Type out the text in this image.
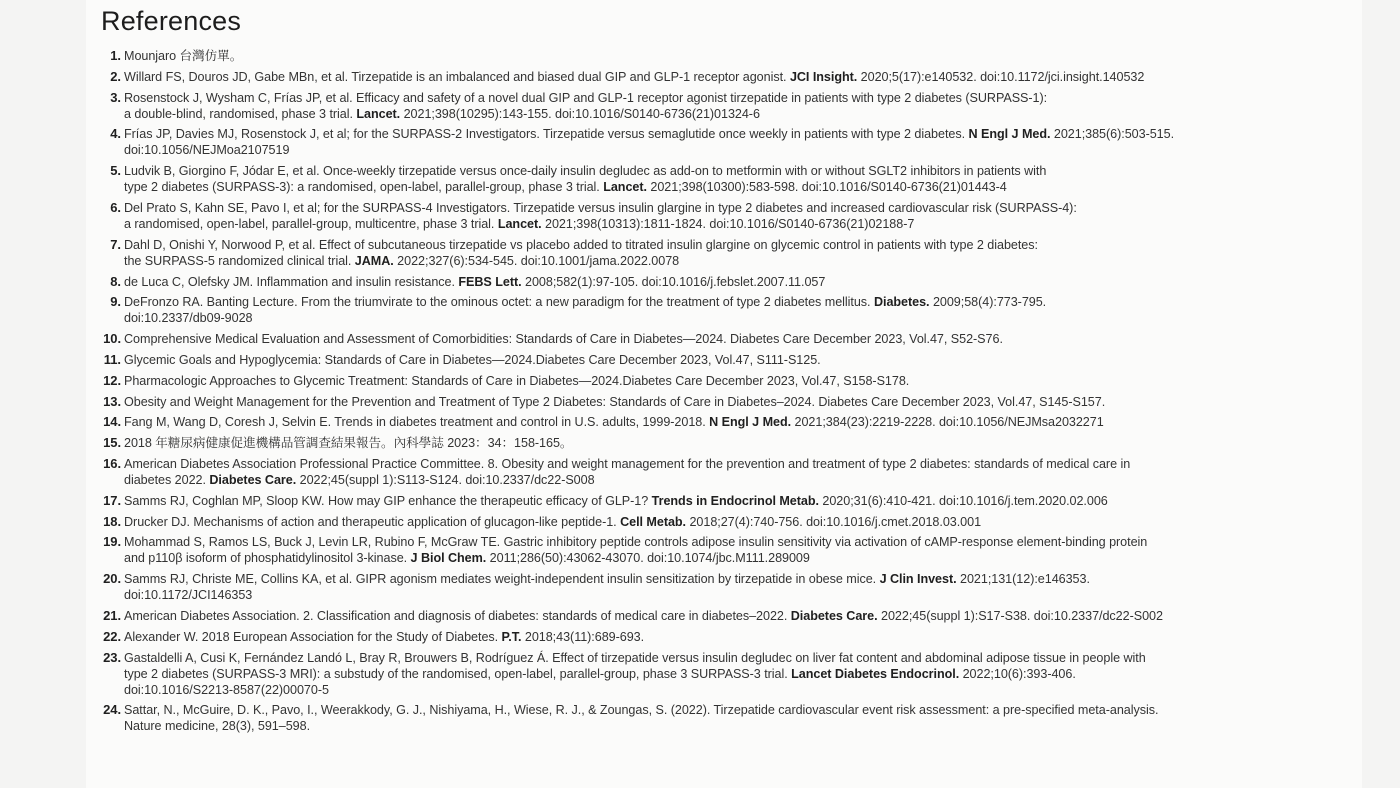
References
1. Mounjaro 台灣仿單。
2. Willard FS, Douros JD, Gabe MBn, et al. Tirzepatide is an imbalanced and biased dual GIP and GLP-1 receptor agonist. JCI Insight. 2020;5(17):e140532. doi:10.1172/jci.insight.140532
3. Rosenstock J, Wysham C, Frías JP, et al. Efficacy and safety of a novel dual GIP and GLP-1 receptor agonist tirzepatide in patients with type 2 diabetes (SURPASS-1):
a double-blind, randomised, phase 3 trial. Lancet. 2021;398(10295):143-155. doi:10.1016/S0140-6736(21)01324-6
4. Frías JP, Davies MJ, Rosenstock J, et al; for the SURPASS-2 Investigators. Tirzepatide versus semaglutide once weekly in patients with type 2 diabetes. N Engl J Med. 2021;385(6):503-515.
doi:10.1056/NEJMoa2107519
5. Ludvik B, Giorgino F, Jódar E, et al. Once-weekly tirzepatide versus once-daily insulin degludec as add-on to metformin with or without SGLT2 inhibitors in patients with
type 2 diabetes (SURPASS-3): a randomised, open-label, parallel-group, phase 3 trial. Lancet. 2021;398(10300):583-598. doi:10.1016/S0140-6736(21)01443-4
6. Del Prato S, Kahn SE, Pavo I, et al; for the SURPASS-4 Investigators. Tirzepatide versus insulin glargine in type 2 diabetes and increased cardiovascular risk (SURPASS-4):
a randomised, open-label, parallel-group, multicentre, phase 3 trial. Lancet. 2021;398(10313):1811-1824. doi:10.1016/S0140-6736(21)02188-7
7. Dahl D, Onishi Y, Norwood P, et al. Effect of subcutaneous tirzepatide vs placebo added to titrated insulin glargine on glycemic control in patients with type 2 diabetes:
the SURPASS-5 randomized clinical trial. JAMA. 2022;327(6):534-545. doi:10.1001/jama.2022.0078
8. de Luca C, Olefsky JM. Inflammation and insulin resistance. FEBS Lett. 2008;582(1):97-105. doi:10.1016/j.febslet.2007.11.057
9. DeFronzo RA. Banting Lecture. From the triumvirate to the ominous octet: a new paradigm for the treatment of type 2 diabetes mellitus. Diabetes. 2009;58(4):773-795.
doi:10.2337/db09-9028
10. Comprehensive Medical Evaluation and Assessment of Comorbidities: Standards of Care in Diabetes—2024. Diabetes Care December 2023, Vol.47, S52-S76.
11. Glycemic Goals and Hypoglycemia: Standards of Care in Diabetes—2024.Diabetes Care December 2023, Vol.47, S111-S125.
12. Pharmacologic Approaches to Glycemic Treatment: Standards of Care in Diabetes—2024.Diabetes Care December 2023, Vol.47, S158-S178.
13. Obesity and Weight Management for the Prevention and Treatment of Type 2 Diabetes: Standards of Care in Diabetes–2024. Diabetes Care December 2023, Vol.47, S145-S157.
14. Fang M, Wang D, Coresh J, Selvin E. Trends in diabetes treatment and control in U.S. adults, 1999-2018. N Engl J Med. 2021;384(23):2219-2228. doi:10.1056/NEJMsa2032271
15. 2018 年糖尿病健康促進機構品管調查結果報告。內科學誌 2023：34：158-165。
16. American Diabetes Association Professional Practice Committee. 8. Obesity and weight management for the prevention and treatment of type 2 diabetes: standards of medical care in
diabetes 2022. Diabetes Care. 2022;45(suppl 1):S113-S124. doi:10.2337/dc22-S008
17. Samms RJ, Coghlan MP, Sloop KW. How may GIP enhance the therapeutic efficacy of GLP-1? Trends in Endocrinol Metab. 2020;31(6):410-421. doi:10.1016/j.tem.2020.02.006
18. Drucker DJ. Mechanisms of action and therapeutic application of glucagon-like peptide-1. Cell Metab. 2018;27(4):740-756. doi:10.1016/j.cmet.2018.03.001
19. Mohammad S, Ramos LS, Buck J, Levin LR, Rubino F, McGraw TE. Gastric inhibitory peptide controls adipose insulin sensitivity via activation of cAMP-response element-binding protein
and p110β isoform of phosphatidylinositol 3-kinase. J Biol Chem. 2011;286(50):43062-43070. doi:10.1074/jbc.M111.289009
20. Samms RJ, Christe ME, Collins KA, et al. GIPR agonism mediates weight-independent insulin sensitization by tirzepatide in obese mice. J Clin Invest. 2021;131(12):e146353.
doi:10.1172/JCI146353
21. American Diabetes Association. 2. Classification and diagnosis of diabetes: standards of medical care in diabetes–2022. Diabetes Care. 2022;45(suppl 1):S17-S38. doi:10.2337/dc22-S002
22. Alexander W. 2018 European Association for the Study of Diabetes. P.T. 2018;43(11):689-693.
23. Gastaldelli A, Cusi K, Fernández Landó L, Bray R, Brouwers B, Rodríguez Á. Effect of tirzepatide versus insulin degludec on liver fat content and abdominal adipose tissue in people with
type 2 diabetes (SURPASS-3 MRI): a substudy of the randomised, open-label, parallel-group, phase 3 SURPASS-3 trial. Lancet Diabetes Endocrinol. 2022;10(6):393-406.
doi:10.1016/S2213-8587(22)00070-5
24. Sattar, N., McGuire, D. K., Pavo, I., Weerakkody, G. J., Nishiyama, H., Wiese, R. J., & Zoungas, S. (2022). Tirzepatide cardiovascular event risk assessment: a pre-specified meta-analysis.
Nature medicine, 28(3), 591–598.
